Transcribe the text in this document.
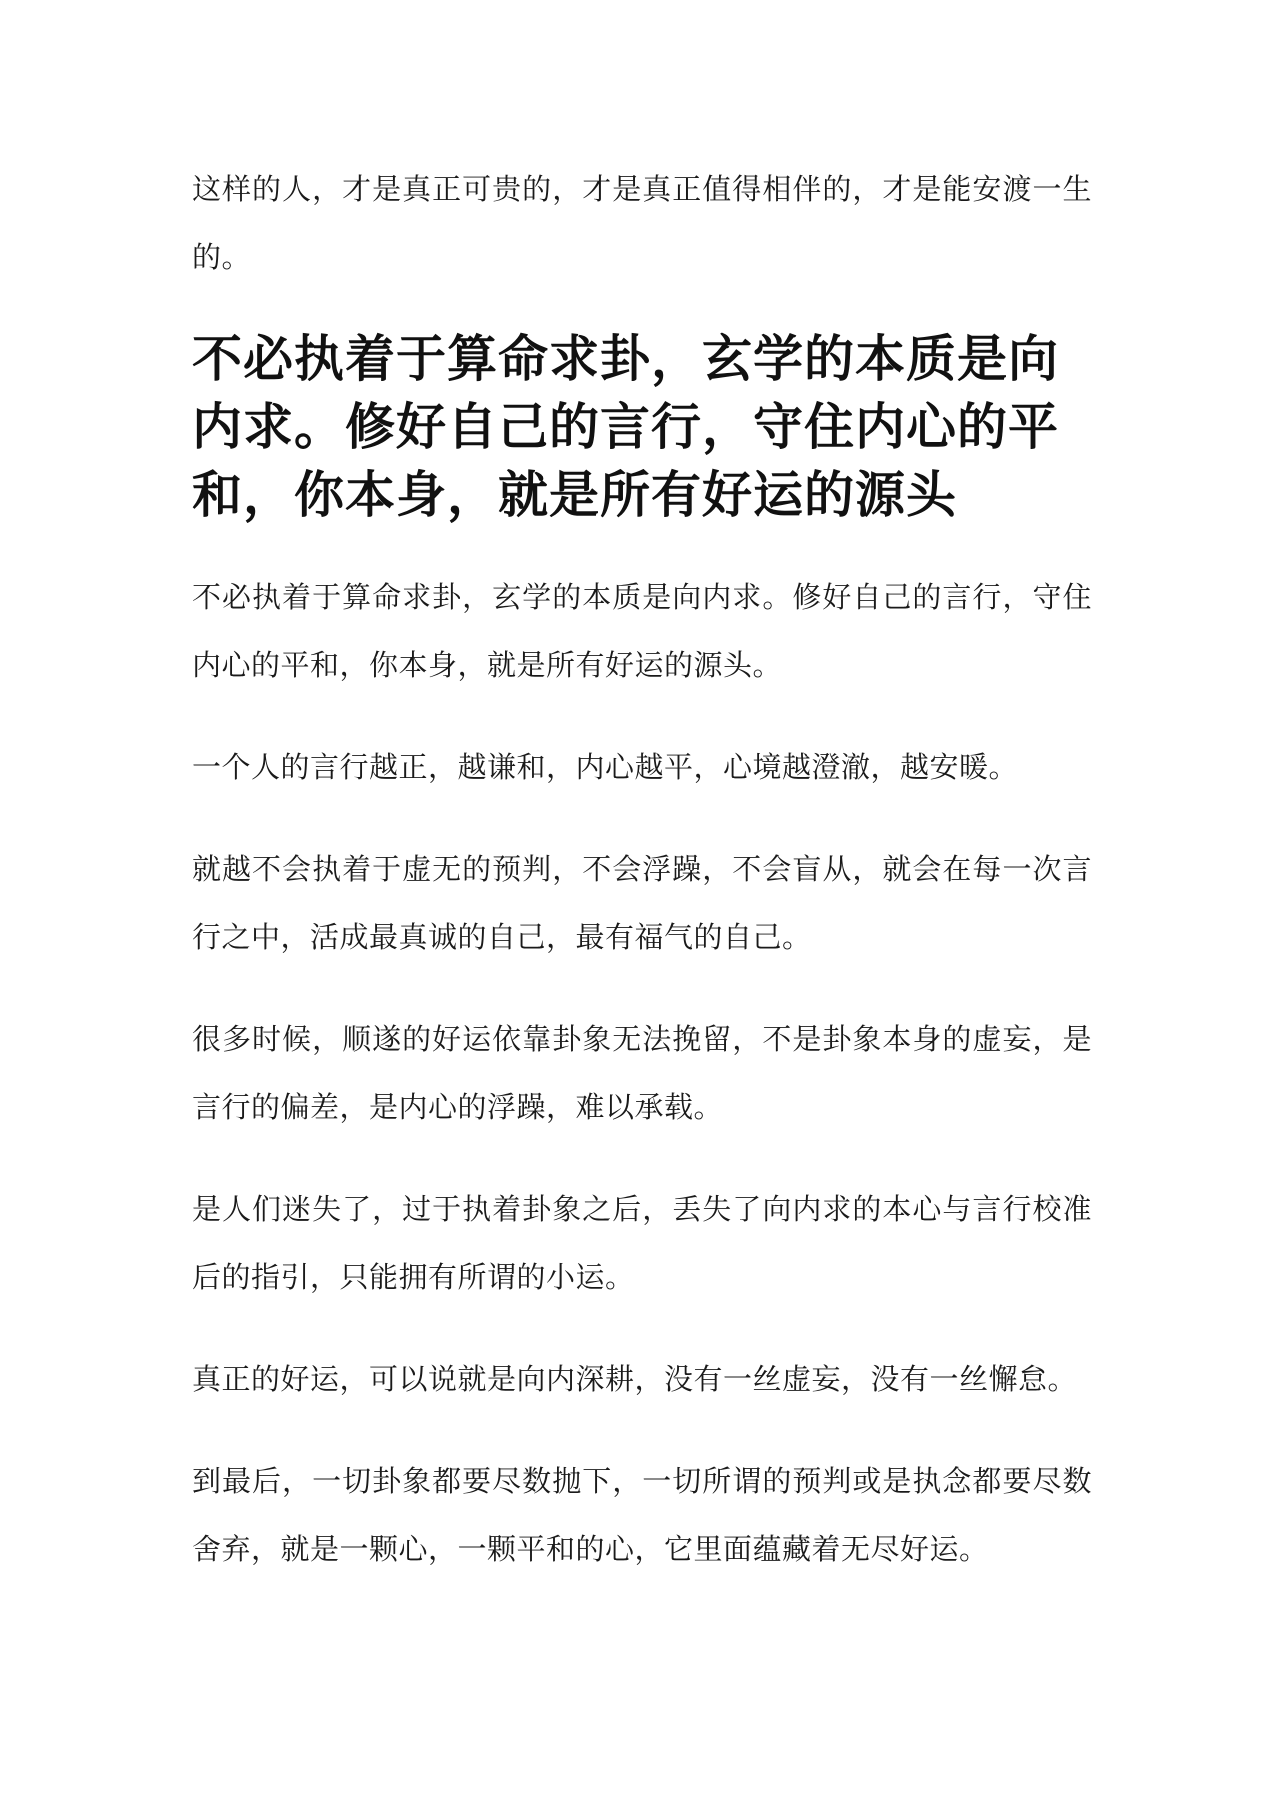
这样的人，才是真正可贵的，才是真正值得相伴的，才是能安渡一生的。

不必执着于算命求卦，玄学的本质是向内求。修好自己的言行，守住内心的平和，你本身，就是所有好运的源头

不必执着于算命求卦，玄学的本质是向内求。修好自己的言行，守住内心的平和，你本身，就是所有好运的源头。

一个人的言行越正，越谦和，内心越平，心境越澄澈，越安暖。

就越不会执着于虚无的预判，不会浮躁，不会盲从，就会在每一次言行之中，活成最真诚的自己，最有福气的自己。

很多时候，顺遂的好运依靠卦象无法挽留，不是卦象本身的虚妄，是言行的偏差，是内心的浮躁，难以承载。

是人们迷失了，过于执着卦象之后，丢失了向内求的本心与言行校准后的指引，只能拥有所谓的小运。

真正的好运，可以说就是向内深耕，没有一丝虚妄，没有一丝懈怠。

到最后，一切卦象都要尽数抛下，一切所谓的预判或是执念都要尽数舍弃，就是一颗心，一颗平和的心，它里面蕴藏着无尽好运。
